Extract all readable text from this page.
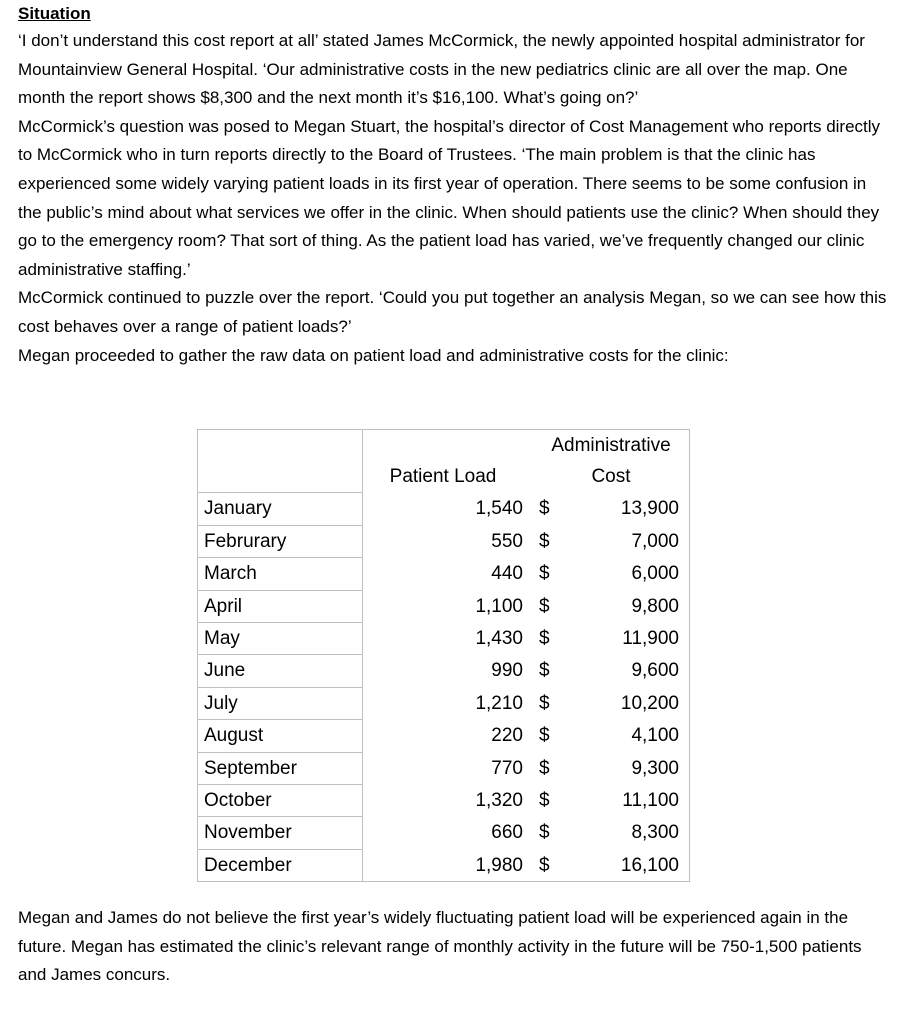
Situation

‘I don’t understand this cost report at all’ stated James McCormick, the newly appointed hospital administrator for Mountainview General Hospital. ‘Our administrative costs in the new pediatrics clinic are all over the map. One month the report shows $8,300 and the next month it’s $16,100. What’s going on?’

McCormick’s question was posed to Megan Stuart, the hospital’s director of Cost Management who reports directly to McCormick who in turn reports directly to the Board of Trustees. ‘The main problem is that the clinic has experienced some widely varying patient loads in its first year of operation. There seems to be some confusion in the public’s mind about what services we offer in the clinic. When should patients use the clinic? When should they go to the emergency room? That sort of thing. As the patient load has varied, we’ve frequently changed our clinic administrative staffing.’

McCormick continued to puzzle over the report. ‘Could you put together an analysis Megan, so we can see how this cost behaves over a range of patient loads?’

Megan proceeded to gather the raw data on patient load and administrative costs for the clinic:

		Administrative	
	Patient Load	Cost	
January	1,540	$	13,900
Februrary	550	$	7,000
March	440	$	6,000
April	1,100	$	9,800
May	1,430	$	11,900
June	990	$	9,600
July	1,210	$	10,200
August	220	$	4,100
September	770	$	9,300
October	1,320	$	11,100
November	660	$	8,300
December	1,980	$	16,100
Megan and James do not believe the first year’s widely fluctuating patient load will be experienced again in the future. Megan has estimated the clinic’s relevant range of monthly activity in the future will be 750-1,500 patients and James concurs.
